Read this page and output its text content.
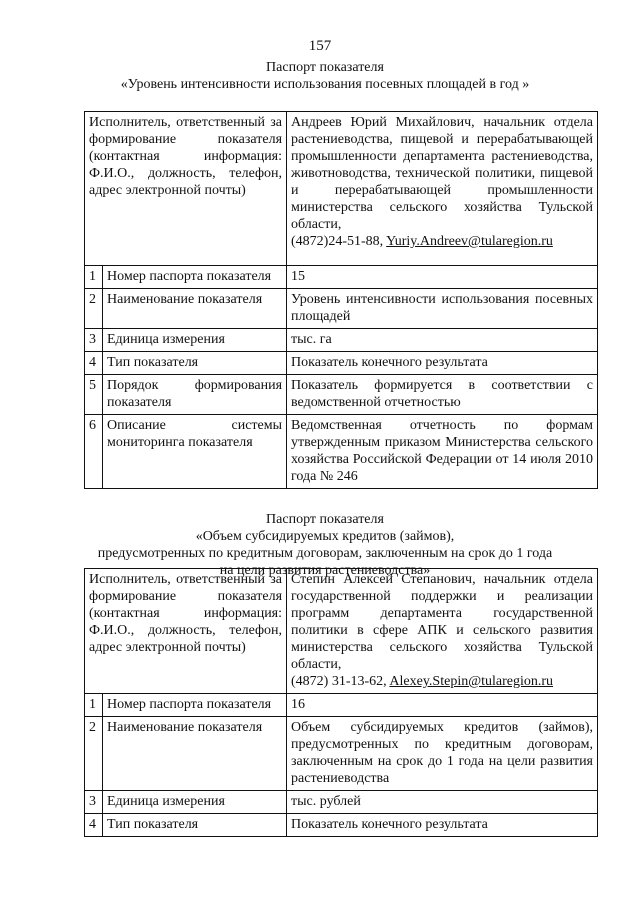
157
Паспорт показателя
«Уровень интенсивности использования посевных площадей в год »
Исполнитель, ответственный за формирование показателя (контактная информация: Ф.И.О., должность, телефон, адрес электронной почты)		Андреев Юрий Михайлович, начальник отдела растениеводства, пищевой и перерабатывающей промышленности департамента растениеводства, животноводства, технической политики, пищевой и перерабатывающей промышленности министерства сельского хозяйства Тульской области,
(4872)24-51-88, Yuriy.Andreev@tularegion.ru

1	Номер паспорта показателя	15

2	Наименование показателя	Уровень интенсивности использования посевных площадей

3	Единица измерения	тыс. га

4	Тип показателя	Показатель конечного результата

5	Порядок формирования показателя	Показатель формируется в соответствии с ведомственной отчетностью

6	Описание системы мониторинга показателя	Ведомственная отчетность по формам утвержденным приказом Министерства сельского хозяйства Российской Федерации от 14 июля 2010 года № 246
Паспорт показателя
«Объем субсидируемых кредитов (займов),
предусмотренных по кредитным договорам, заключенным на срок до 1 года
на цели развития растениеводства»
Исполнитель, ответственный за формирование показателя (контактная информация: Ф.И.О., должность, телефон, адрес электронной почты)		Степин Алексей Степанович, начальник отдела государственной поддержки и реализации программ департамента государственной политики в сфере АПК и сельского развития министерства сельского хозяйства Тульской области,
(4872) 31-13-62, Alexey.Stepin@tularegion.ru
1	Номер паспорта показателя	16

2	Наименование показателя	Объем субсидируемых кредитов (займов), предусмотренных по кредитным договорам, заключенным на срок до 1 года на цели развития растениеводства

3	Единица измерения	тыс. рублей

4	Тип показателя	Показатель конечного результата
